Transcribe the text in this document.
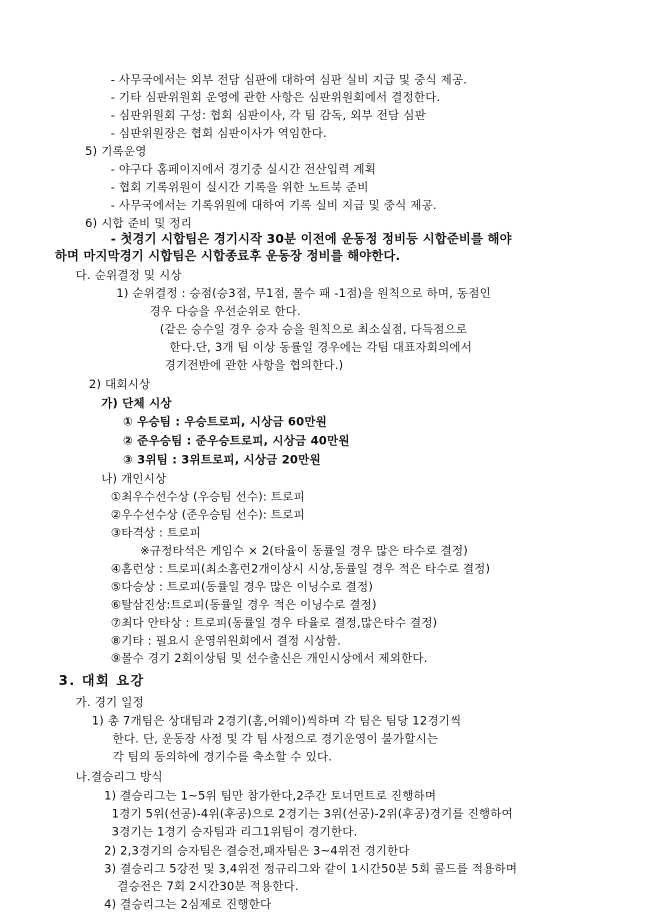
- 사무국에서는 외부 전담 심판에 대하여 심판 실비 지급 및 중식 제공.
- 기타 심판위원회 운영에 관한 사항은 심판위원회에서 결정한다.
- 심판위원회 구성: 협회 심판이사, 각 팀 감독, 외부 전담 심판
- 심판위원장은 협회 심판이사가 역임한다.
5) 기록운영
- 야구다 홈페이지에서 경기중 실시간 전산입력 계획
- 협회 기록위원이 실시간 기록을 위한 노트북 준비
- 사무국에서는 기록위원에 대하여 기록 실비 지급 및 중식 제공.
6) 시합 준비 및 정리
- 첫경기 시합팀은 경기시작 30분 이전에 운동정 정비등 시합준비를 해야
하며 마지막경기 시합팀은 시합종료후 운동장 정비를 해야한다.
다. 순위결정 및 시상
1) 순위결정 : 승점(승3점, 무1점, 몰수 패 -1점)을 원칙으로 하며, 동점인
경우 다승을 우선순위로 한다.
(같은 승수일 경우 승자 승을 원칙으로 최소실점, 다득점으로
한다.단, 3개 팀 이상 동률일 경우에는 각팀 대표자회의에서
경기전반에 관한 사항을 협의한다.)
2) 대회시상
가) 단체 시상
① 우승팀 : 우승트로피, 시상금 60만원
② 준우승팀 : 준우승트로피, 시상금 40만원
③ 3위팀 : 3위트로피, 시상금 20만원
나) 개인시상
①최우수선수상 (우승팀 선수): 트로피
②우수선수상 (준우승팀 선수): 트로피
③타격상 : 트로피
※규정타석은 게임수 × 2(타율이 동률일 경우 많은 타수로 결정)
④홈런상 : 트로피(최소홈런2개이상시 시상,동률일 경우 적은 타수로 결정)
⑤다승상 : 트로피(동률일 경우 많은 이닝수로 결정)
⑥탈삼진상:트로피(동률일 경우 적은 이닝수로 결정)
⑦최다 안타상 : 트로피(동률일 경우 타율로 결정,많은타수 결정)
⑧기타 : 필요시 운영위원회에서 결정 시상함.
⑨몰수 경기 2회이상팀 및 선수출신은 개인시상에서 제외한다.
3. 대회 요강
가. 경기 일정
1) 총 7개팀은 상대팀과 2경기(홈,어웨이)씩하며 각 팀은 팀당 12경기씩
한다. 단, 운동장 사정 및 각 팀 사정으로 경기운영이 불가할시는
각 팀의 동의하에 경기수를 축소할 수 있다.
나.결승리그 방식
1) 결승리그는 1~5위 팀만 참가한다,2주간 토너먼트로 진행하며
1경기 5위(선공)-4위(후공)으로 2경기는 3위(선공)-2위(후공)경기를 진행하여
3경기는 1경기 승자팀과 리그1위팀이 경기한다.
2) 2,3경기의 승자팀은 결승전,패자팀은 3~4위전 경기한다
3) 결승리그 5강전 및 3,4위전 정규리그와 같이 1시간50분 5회 콜드를 적용하며
결승전은 7회 2시간30분 적용한다.
4) 결승리그는 2심제로 진행한다
